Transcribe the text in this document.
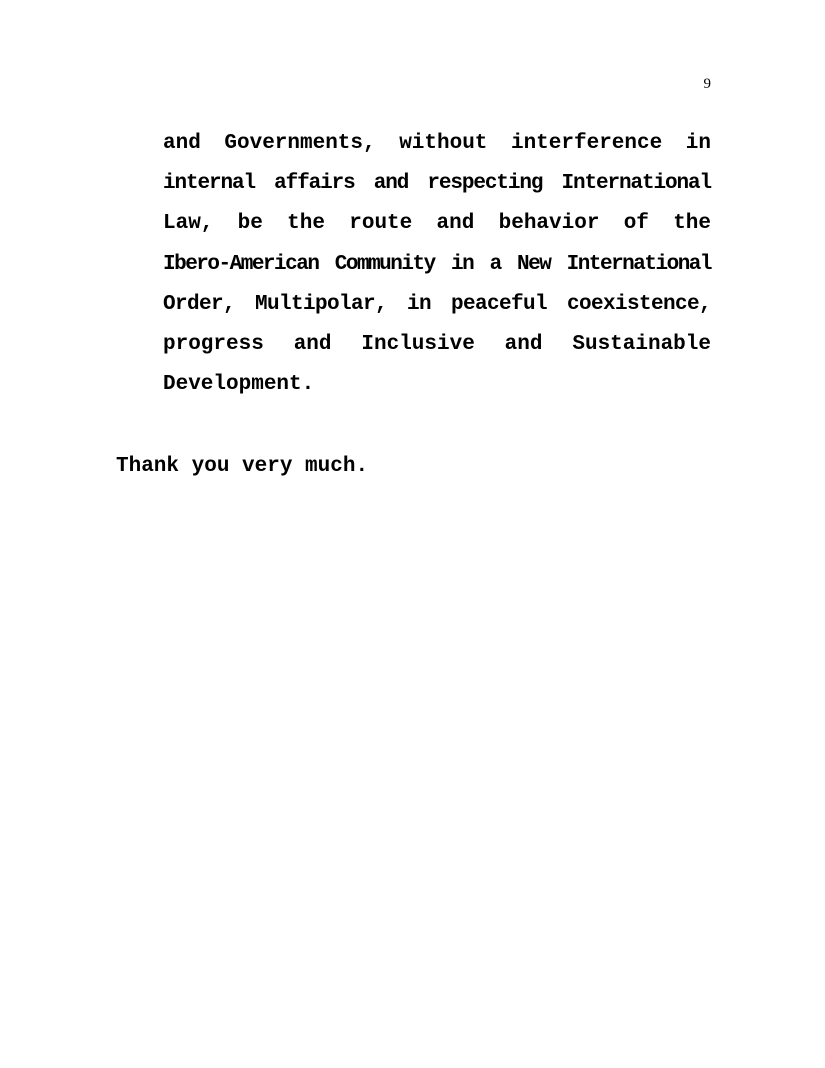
9

and Governments, without interference in
internal affairs and respecting International
Law, be the route and behavior of the
Ibero-American Community in a New International
Order, Multipolar, in peaceful coexistence,
progress and Inclusive and Sustainable
Development.

Thank you very much.
